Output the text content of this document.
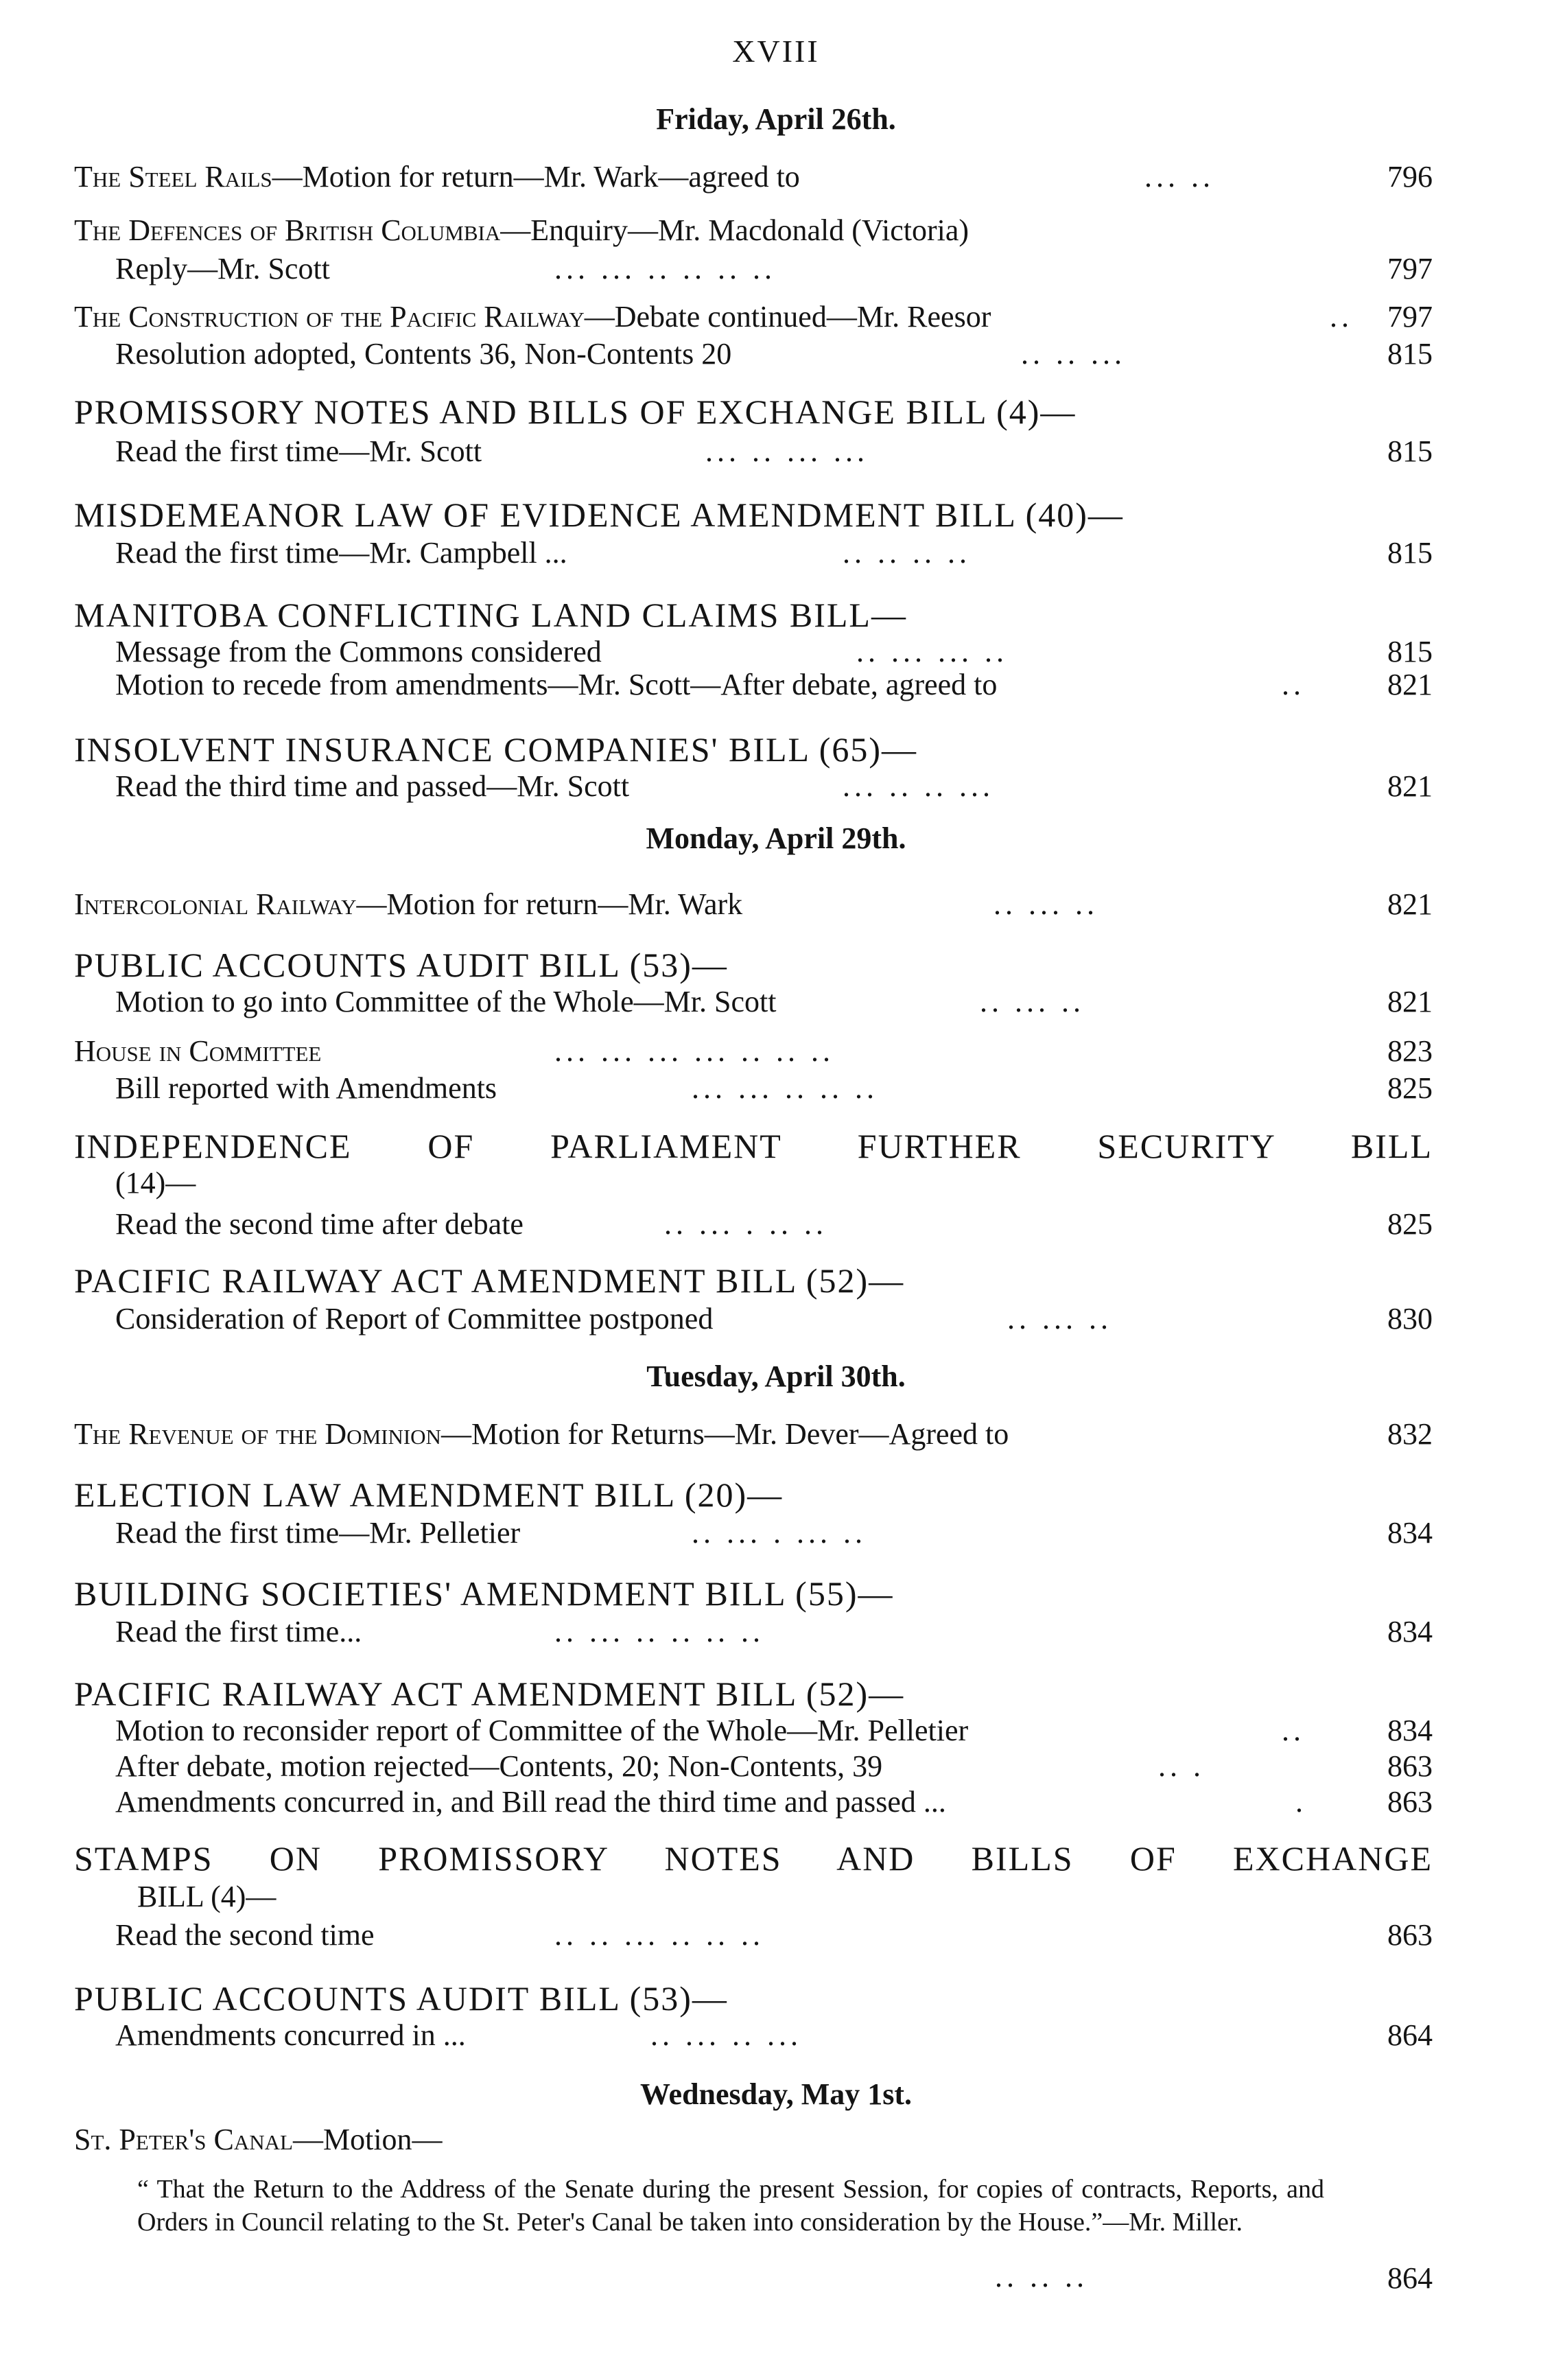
XVIII
Friday, April 26th.
The Steel Rails—Motion for return—Mr. Wark—agreed to	... ..	796
The Defences of British Columbia—Enquiry—Mr. Macdonald (Victoria)
Reply—Mr. Scott	... ... .. .. .. ..	797
The Construction of the Pacific Railway—Debate continued—Mr. Reesor	.. 797
Resolution adopted, Contents 36, Non-Contents 20	.. .. ...	815
PROMISSORY NOTES AND BILLS OF EXCHANGE BILL (4)—
Read the first time—Mr. Scott	... .. ... ...	815
MISDEMEANOR LAW OF EVIDENCE AMENDMENT BILL (40)—
Read the first time—Mr. Campbell ...	.. .. .. ..	815
MANITOBA CONFLICTING LAND CLAIMS BILL—
Message from the Commons considered	.. ... ... ..	815
Motion to recede from amendments—Mr. Scott—After debate, agreed to	..	821
INSOLVENT INSURANCE COMPANIES' BILL (65)—
Read the third time and passed—Mr. Scott	... .. .. ...	821
Monday, April 29th.
Intercolonial Railway—Motion for return—Mr. Wark	.. ... ..	821
PUBLIC ACCOUNTS AUDIT BILL (53)—
Motion to go into Committee of the Whole—Mr. Scott	.. ... ..	821
House in Committee	... ... ... ... .. .. ..	823
Bill reported with Amendments	... ... .. .. ..	825
INDEPENDENCE OF PARLIAMENT FURTHER SECURITY BILL
(14)—
Read the second time after debate	.. ... . .. ..	825
PACIFIC RAILWAY ACT AMENDMENT BILL (52)—
Consideration of Report of Committee postponed	.. ... ..	830
Tuesday, April 30th.
The Revenue of the Dominion—Motion for Returns—Mr. Dever—Agreed to	832
ELECTION LAW AMENDMENT BILL (20)—
Read the first time—Mr. Pelletier	.. ... . ... ..	834
BUILDING SOCIETIES' AMENDMENT BILL (55)—
Read the first time...	.. ... .. .. .. ..	834
PACIFIC RAILWAY ACT AMENDMENT BILL (52)—
Motion to reconsider report of Committee of the Whole—Mr. Pelletier	..	834
After debate, motion rejected—Contents, 20; Non-Contents, 39	.. .	863
Amendments concurred in, and Bill read the third time and passed ...	.	863
STAMPS ON PROMISSORY NOTES AND BILLS OF EXCHANGE
BILL (4)—
Read the second time	.. .. ... .. .. ..	863
PUBLIC ACCOUNTS AUDIT BILL (53)—
Amendments concurred in ...	.. ... .. ...	864
Wednesday, May 1st.
St. Peter's Canal—Motion—
“ That the Return to the Address of the Senate during the present Session, for copies of contracts, Reports, and Orders in Council relating to the St. Peter's Canal be taken into consideration by the House.”—Mr. Miller.
.. .. ..	864
